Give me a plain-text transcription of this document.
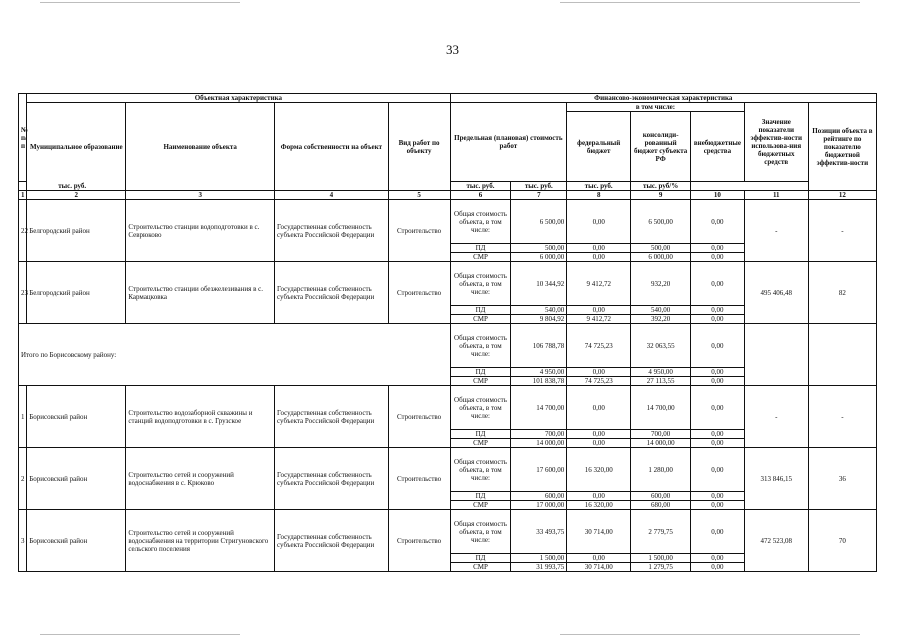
33
№ п/п	Объектная характеристика				Финансово-экономическая характеристика						
	Муниципальное образование	Наименование объекта	Форма собственности на объект	Вид работ по объекту	Предельная (плановая) стоимость работ		в том числе:			Значение показатели эффектив-ности использова-ния бюджетных средств	Позиции объекта в рейтинге по показателю бюджетной эффектив-ности
							федеральный бюджет	консолиди-рованный бюджет субъекта РФ	внебюджетные средства		
тыс. руб.					тыс. руб.	тыс. руб.	тыс. руб.	тыс. руб/%			
1	2	3	4	5	6	7	8	9	10	11	12
22	Белгородский район	Строительство станции водоподготовки в с. Севрюково	Государственная собственность субъекта Российской Федерации	Строительство	Общая стоимость объекта, в том числе:	6 500,00	0,00	6 500,00	0,00	-	-
					ПД	500,00	0,00	500,00	0,00		
					СМР	6 000,00	0,00	6 000,00	0,00		
23	Белгородский район	Строительство станции обезжелезивания в с. Кармацковка	Государственная собственность субъекта Российской Федерации	Строительство	Общая стоимость объекта, в том числе:	10 344,92	9 412,72	932,20	0,00	495 406,48	82
					ПД	540,00	0,00	540,00	0,00		
					СМР	9 804,92	9 412,72	392,20	0,00		
Итого по Борисовскому району:					Общая стоимость объекта, в том числе:	106 788,78	74 725,23	32 063,55	0,00		
					ПД	4 950,00	0,00	4 950,00	0,00		
					СМР	101 838,78	74 725,23	27 113,55	0,00		
1	Борисовский район	Строительство водозаборной скважины и станций водоподготовки в с. Грузское	Государственная собственность субъекта Российской Федерации	Строительство	Общая стоимость объекта, в том числе:	14 700,00	0,00	14 700,00	0,00	-	-
					ПД	700,00	0,00	700,00	0,00		
					СМР	14 000,00	0,00	14 000,00	0,00		
2	Борисовский район	Строительство сетей и сооружений водоснабжения в с. Крюково	Государственная собственность субъекта Российской Федерации	Строительство	Общая стоимость объекта, в том числе:	17 600,00	16 320,00	1 280,00	0,00	313 846,15	36
					ПД	600,00	0,00	600,00	0,00		
					СМР	17 000,00	16 320,00	680,00	0,00		
3	Борисовский район	Строительство сетей и сооружений водоснабжения на территории Стригуновского сельского поселения	Государственная собственность субъекта Российской Федерации	Строительство	Общая стоимость объекта, в том числе:	33 493,75	30 714,00	2 779,75	0,00	472 523,08	70
					ПД	1 500,00	0,00	1 500,00	0,00		
					СМР	31 993,75	30 714,00	1 279,75	0,00		
